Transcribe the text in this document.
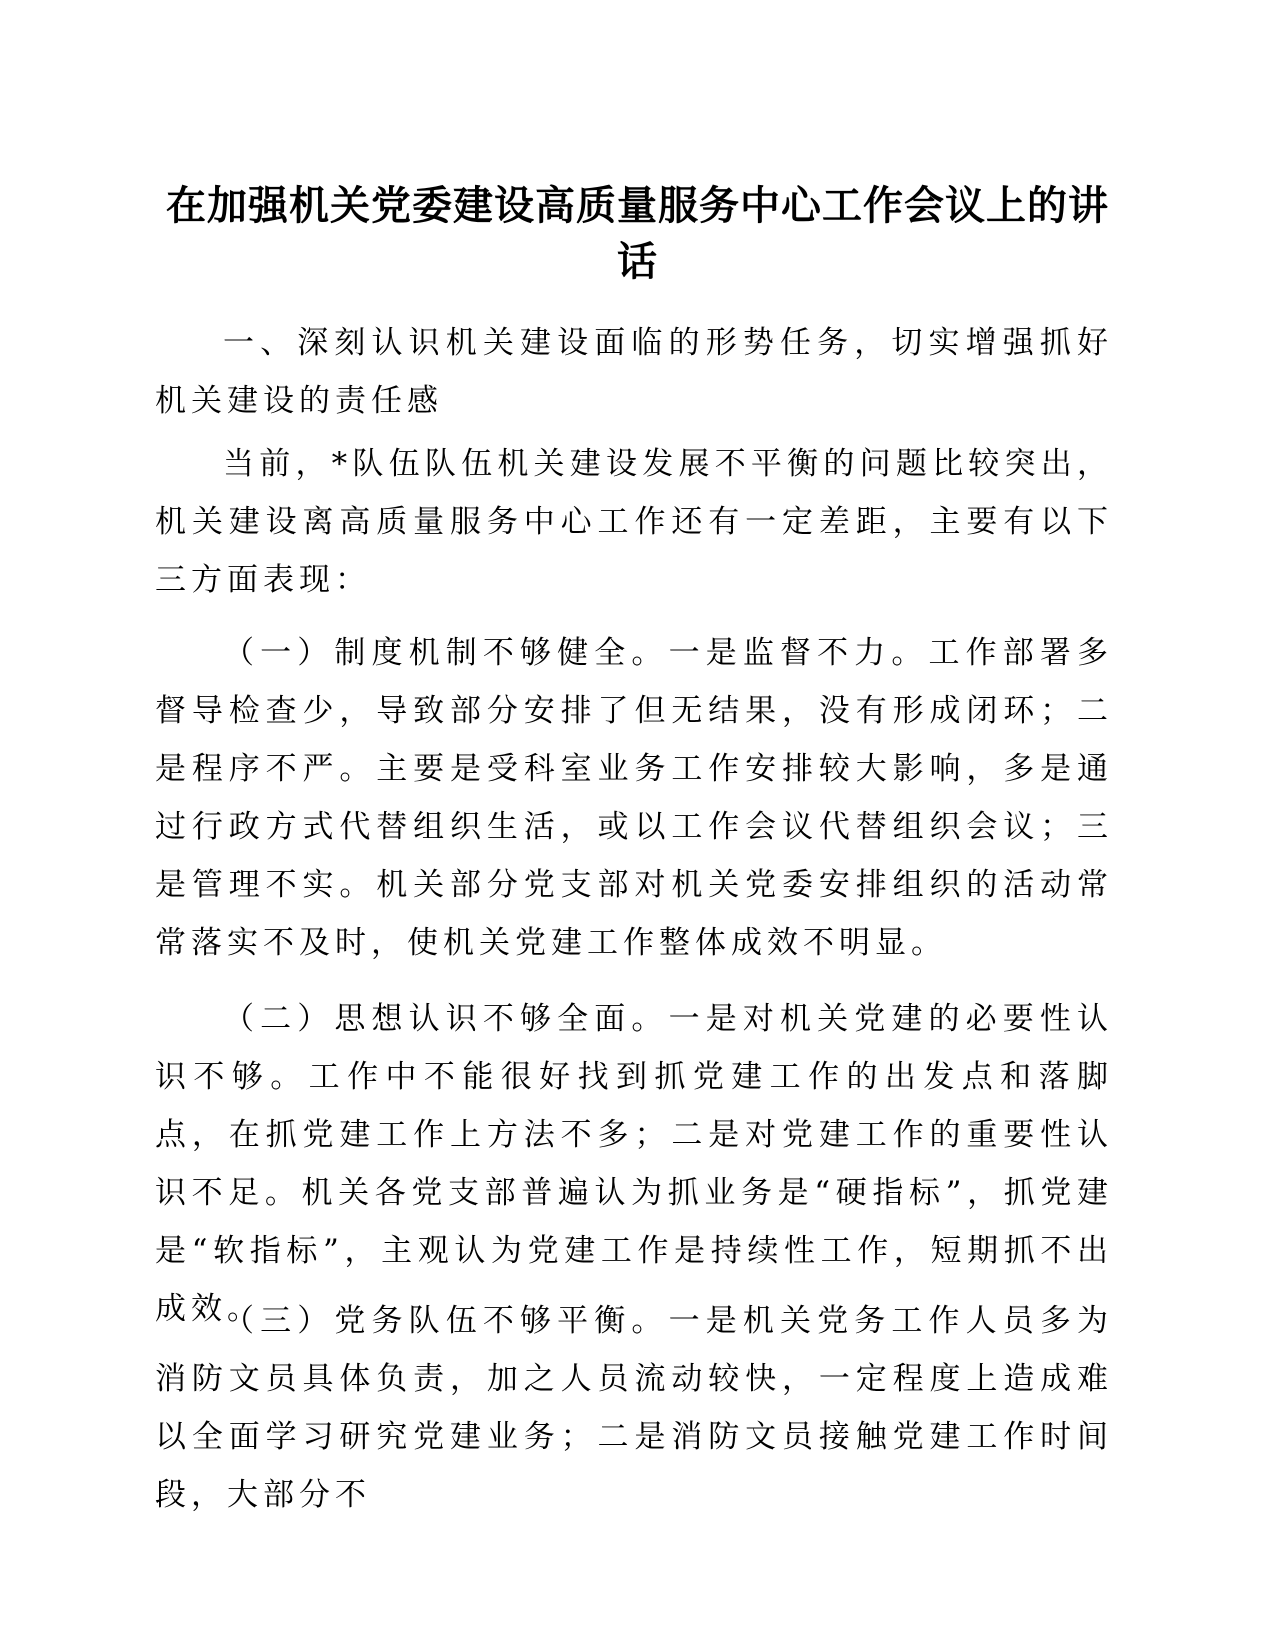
在加强机关党委建设高质量服务中心工作会议上的讲话

一、深刻认识机关建设面临的形势任务，切实增强抓好机关建设的责任感

当前，*队伍队伍机关建设发展不平衡的问题比较突出，机关建设离高质量服务中心工作还有一定差距，主要有以下三方面表现：

（一）制度机制不够健全。一是监督不力。工作部署多督导检查少，导致部分安排了但无结果，没有形成闭环；二是程序不严。主要是受科室业务工作安排较大影响，多是通过行政方式代替组织生活，或以工作会议代替组织会议；三是管理不实。机关部分党支部对机关党委安排组织的活动常常落实不及时，使机关党建工作整体成效不明显。

（二）思想认识不够全面。一是对机关党建的必要性认识不够。工作中不能很好找到抓党建工作的出发点和落脚点，在抓党建工作上方法不多；二是对党建工作的重要性认识不足。机关各党支部普遍认为抓业务是“硬指标”，抓党建是“软指标”，主观认为党建工作是持续性工作，短期抓不出成效。

（三）党务队伍不够平衡。一是机关党务工作人员多为消防文员具体负责，加之人员流动较快，一定程度上造成难以全面学习研究党建业务；二是消防文员接触党建工作时间段，大部分不
